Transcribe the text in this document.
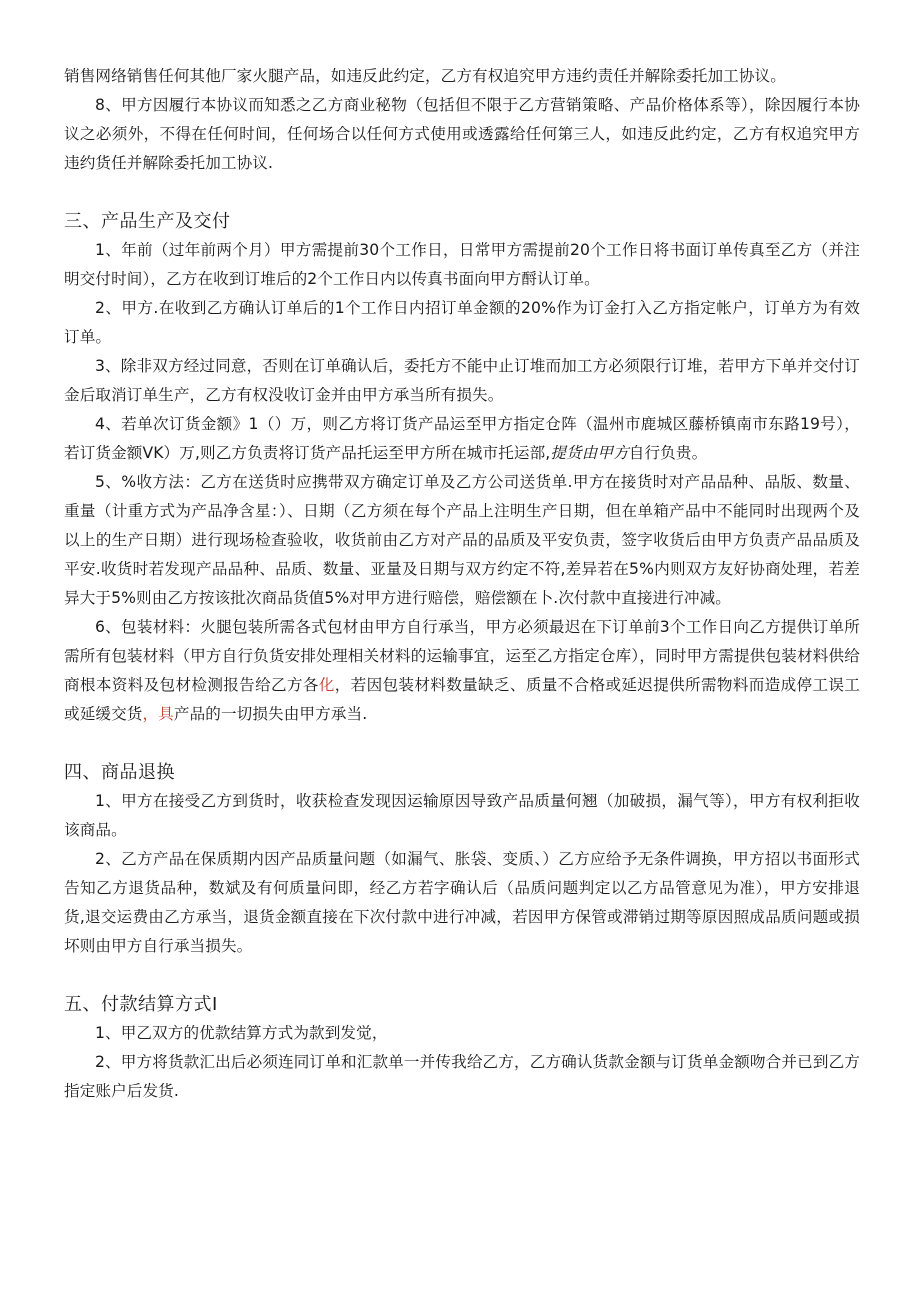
销售网络销售任何其他厂家火腿产品，如违反此约定，乙方有权追究甲方违约责任并解除委托加工协议。

8、甲方因履行本协议而知悉之乙方商业秘物（包括但不限于乙方营销策略、产品价格体系等），除因履行本协议之必须外，不得在任何时间，任何场合以任何方式使用或透露给任何第三人，如违反此约定，乙方有权追究甲方违约货任并解除委托加工协议.

三、产品生产及交付

1、年前（过年前两个月）甲方需提前30个工作日，日常甲方需提前20个工作日将书面订单传真至乙方（并注明交付时间），乙方在收到订堆后的2个工作日内以传真书面向甲方酹认订单。

2、甲方.在收到乙方确认订单后的1个工作日内招订单金额的20%作为订金打入乙方指定帐户，订单方为有效订单。

3、除非双方经过同意，否则在订单确认后，委托方不能中止订堆而加工方必须限行订堆，若甲方下单并交付订金后取消订单生产，乙方有权没收订金并由甲方承当所有损失。

4、若单次订货金额》1（）万，则乙方将订货产品运至甲方指定仓阵（温州市鹿城区藤桥镇南市东路19号），若订货金额VK）万,则乙方负责将订货产品托运至甲方所在城市托运部,提货由甲方自行负贵。

5、%收方法：乙方在送货时应携带双方确定订单及乙方公司送货单.甲方在接货时对产品品种、品版、数量、重量（计重方式为产品净含星：）、日期（乙方须在每个产品上注明生产日期，但在单箱产品中不能同时出现两个及以上的生产日期）进行现场检查验收，收货前由乙方对产品的品质及平安负责，签字收货后由甲方负责产品品质及平安.收货时若发现产品品种、品质、数量、亚量及日期与双方约定不符,差异若在5%内则双方友好协商处理，若差异大于5%则由乙方按该批次商品货值5%对甲方进行赔偿，赔偿额在卜.次付款中直接进行冲减。

6、包装材料：火腿包装所需各式包材由甲方自行承当，甲方必须最迟在下订单前3个工作日向乙方提供订单所需所有包装材料（甲方自行负货安排处理相关材料的运输事宜，运至乙方指定仓库），同时甲方需提供包装材料供给商根本资料及包材检测报告给乙方各化，若因包装材料数量缺乏、质量不合格或延迟提供所需物料而造成停工误工或延缓交货，具产品的一切损失由甲方承当.

四、商品退换

1、甲方在接受乙方到货时，收获检查发现因运输原因导致产品质量何翘（加破损，漏气等），甲方有权利拒收该商品。

2、乙方产品在保质期内因产品质量问题（如漏气、胀袋、变质、）乙方应给予无条件调换，甲方招以书面形式告知乙方退货品种，数斌及有何质量问即，经乙方若字确认后（品质问题判定以乙方品管意见为准），甲方安排退货,退交运费由乙方承当，退货金额直接在下次付款中进行冲减，若因甲方保管或滞销过期等原因照成品质问题或损坏则由甲方自行承当损失。

五、付款结算方式I

1、甲乙双方的优款结算方式为款到发觉，

2、甲方将货款汇出后必须连同订单和汇款单一并传我给乙方，乙方确认货款金额与订货单金额吻合并已到乙方指定账户后发货.
